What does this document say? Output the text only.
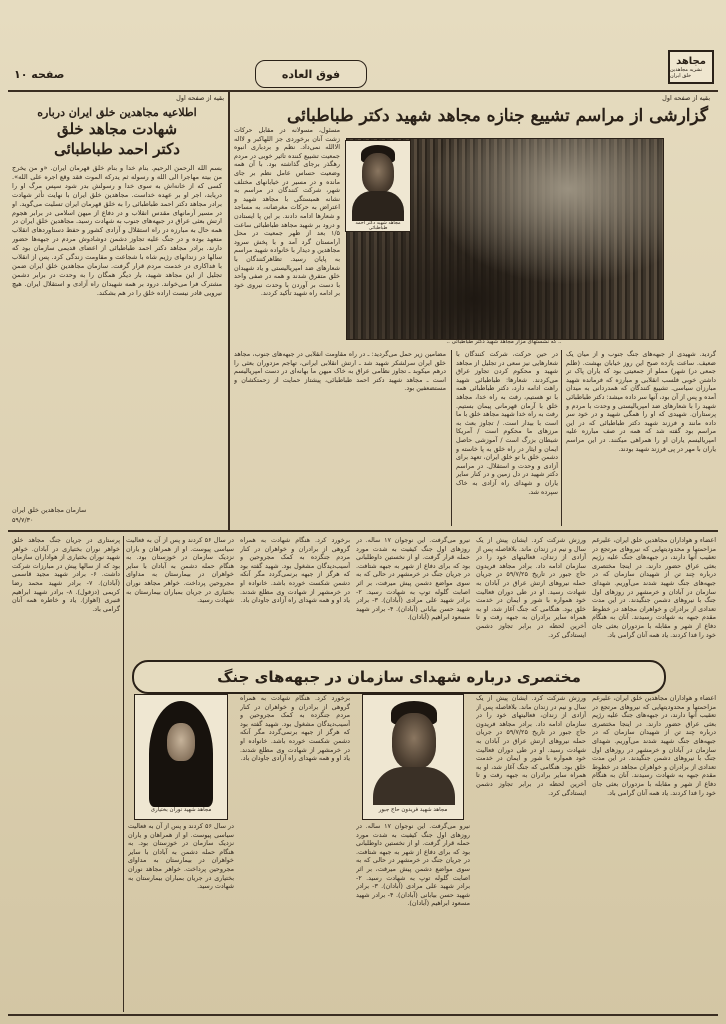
مجاهد
نشریه مجاهدین خلق ایران
فوق العاده
صفحه ۱۰
بقیه از صفحه اول
گزارشی از مراسم تشییع جنازه مجاهد شهید دکتر طباطبائی
.. که نشستهای مزار مجاهد شهید دکتر طباطبائی ..
مجاهد شهید دکتر احمد طباطبائی
گردید. شهیدی از جبهه‌های جنگ جنوب و از میان یک ضعیف. ساعت یازده صبح این روز خیابان بهشت. (ظلم جمعی در) شهر) مملو از جمعیتی بود که یاران پاک تر داشتن خوبی فلسب انقلابی و مبارزه که فرمانده شهید مبارزان سیاسی. تشییع کنندگان که همدردانی به میدان آمده و پس از آن بود، آنها سر داده میشد: دکتر طباطبائی شهید را با شعارهای ضد امپریالیستی و وحدت با مردم و پرستاران. شهیدی که او را همگی شهید و در خود سر داده مانند و فرزند شهید دکتر طباطبائی که در این مراسم بود گفته شد که همه در صف مبارزه علیه امپریالیسم یاران او را همراهی میکنند. در این مراسم یاران با مهر در پی فرزند شهید بودند.
در حین حرکت، شرکت کنندگان با شعارهایی نیز سعی در تجلیل از مجاهد شهید و محکوم کردن تجاوز عراق می‌کردند. شعارها: طباطبائی شهید راهت ادامه دارد، دکتر طباطبائی همه با تو هستیم، رفت به راه خدا، مجاهد خلق با آرمان قهرمانی پیمان بستیم. رفت به راه خدا شهید مجاهد خلق با ما است با بیدار است. / تجاوز بعث به مرزهای ما محکوم است / آمریکا شیطان بزرگ است / آموزشی حاصل ایمان و ایثار در راه خلق به پا خاسته و دشمن خلق با تو خلق ایران، تعهد برای آزادی و وحدت و استقلال. در مراسم دکتر شهید در دل زمین و در کنار سایر یاران و شهدای راه آزادی به خاک سپرده شد.
مسئول، مسولانه در مقابل حرکات زشت آنان برخوردی جز اللهاکبر و لااله الاالله نمی‌داد. نظم و بردباری انبوه جمعیت تشییع کننده تاثیر خوبی در مردم رهگذر برجای گذاشته بود. با آن همه وضعیت حساس عامل نظم بر جای مانده و در مسیر در خیابانهای مختلف شهر، شرکت کنندگان در مراسم به نشانه همبستگی با مجاهد شهید و اعتراض به حرکات مغرضانه، به مساجد و شعارها ادامه دادند. بر این پا ایستادن و درود بر شهید مجاهد طباطبائی ساعت ۱/۵ بعد از ظهر جمعیت در محل آرامستان گرد آمد و با پخش سرود مجاهدین و دیدار با خانواده شهید مراسم به پایان رسید. تظاهرکنندگان با شعارهای ضد امپریالیستی و یاد شهیدان خلق متفرق شدند و همه در صفی واحد با دست بر آوردن با وحدت نیروی خود بر ادامه راه شهید تأکید کردند.
مضامین زیر حمل می‌گردید: ـ در راه مقاومت انقلابی در جبهه‌های جنوب، مجاهد خلق ایران سرلشکر شهید شد ـ ارتش انقلابی ایرانی، تهاجم مزدوران بعثی را درهم میکوبد ـ تجاوز نظامی عراق به خاک میهن ما بهانه‌ای در دست امپریالیسم است ـ مجاهد شهید دکتر احمد طباطبائی، پیشتاز حمایت از زحمتکشان و مستضعفین بود.
بقیه از صفحه اول
اطلاعیه مجاهدین خلق ایران درباره
شهادت مجاهد خلق
دکتر احمد طباطبائی
بسم الله الرحمن الرحیم. بنام خدا و بنام خلق قهرمان ایران. «و من یخرج من بیته مهاجرا الی الله و رسوله ثم یدرکه الموت فقد وقع اجره علی الله». کسی که از خانه‌اش به سوی خدا و رسولش بدر شود سپس مرگ او را دریابد، اجر او بر عهده خداست. مجاهدین خلق ایران با نهایت تأثر شهادت برادر مجاهد دکتر احمد طباطبائی را به خلق قهرمان ایران تسلیت می‌گوید. او در مسیر آرمانهای مقدس انقلاب و در دفاع از میهن اسلامی در برابر هجوم ارتش بعثی عراق در جبهه‌های جنوب به شهادت رسید. مجاهدین خلق ایران در همه حال به مبارزه در راه استقلال و آزادی کشور و حفظ دستاوردهای انقلاب متعهد بوده و در جنگ علیه تجاوز دشمن دوشادوش مردم در جبهه‌ها حضور دارند. برادر مجاهد دکتر احمد طباطبائی از اعضای قدیمی سازمان بود که سالها در زندانهای رژیم شاه با شجاعت و مقاومت زندگی کرد. پس از انقلاب با فداکاری در خدمت مردم قرار گرفت. سازمان مجاهدین خلق ایران ضمن تجلیل از این مجاهد شهید، بار دیگر همگان را به وحدت در برابر دشمن مشترک فرا می‌خواند. درود بر همه شهیدان راه آزادی و استقلال ایران. هیچ نیرویی قادر نیست اراده خلق را در هم بشکند.
سازمان مجاهدین خلق ایران
۵۹/۷/۳۰
اعضاء و هواداران مجاهدین خلق ایران، علیرغم مزاحمتها و محدودیتهایی که نیروهای مرتجع در تعقیب آنها دارند، در جبهه‌های جنگ علیه رژیم بعثی عراق حضور دارند. در اینجا مختصری درباره چند تن از شهیدان سازمان که در جبهه‌های جنگ شهید شدند می‌آوریم. شهدای سازمان در آبادان و خرمشهر در روزهای اول جنگ با نیروهای دشمن جنگیدند. در این مدت تعدادی از برادران و خواهران مجاهد در خطوط مقدم جبهه به شهادت رسیدند. آنان به هنگام دفاع از شهر و مقابله با مزدوران بعثی جان خود را فدا کردند. یاد همه آنان گرامی باد.
ورزش شرکت کرد. ایشان پیش از یک سال و نیم در زندان ماند. بلافاصله پس از آزادی از زندان، فعالیتهای خود را در سازمان ادامه داد. برادر مجاهد فریدون حاج جبور در تاریخ ۵۹/۷/۲۵ در جریان حمله نیروهای ارتش عراق در آبادان به شهادت رسید. او در طی دوران فعالیت خود همواره با شور و ایمان در خدمت خلق بود. هنگامی که جنگ آغاز شد، او به همراه سایر برادران به جبهه رفت و تا آخرین لحظه در برابر تجاوز دشمن ایستادگی کرد.
نیرو می‌گرفت. این نوجوان ۱۷ ساله. در روزهای اول جنگ کیفیت به شدت مورد حمله قرار گرفت. او از نخستین داوطلبانی بود که برای دفاع از شهر به جبهه شتافت. در جریان جنگ در خرمشهر در حالی که به سوی مواضع دشمن پیش میرفت، بر اثر اصابت گلوله توپ به شهادت رسید. ۲- برادر شهید علی مرادی (آبادان). ۳- برادر شهید حسن بیابانی (آبادان). ۴- برادر شهید مسعود ابراهیم (آبادان).
برخورد کرد. هنگام شهادت به همراه گروهی از برادران و خواهران در کنار مردم جنگزده به کمک مجروحین و آسیب‌دیدگان مشغول بود. شهید گفته بود که هرگز از جبهه برنمی‌گردد مگر آنکه دشمن شکست خورده باشد. خانواده او در خرمشهر از شهادت وی مطلع شدند. یاد او و همه شهدای راه آزادی جاودان باد.
در سال ۵۶ کردند و پس از آن به فعالیت سیاسی پیوست. او از همراهان و یاران نزدیک سازمان در خوزستان بود. به هنگام حمله دشمن به آبادان با سایر خواهران در بیمارستان به مداوای مجروحین پرداخت. خواهر مجاهد نوران بختیاری در جریان بمباران بیمارستان به شهادت رسید.
پرستاری در جریان جنگ مجاهد خلق خواهر نوران بختیاری در آبادان. خواهر شهید نوران بختیاری از هواداران سازمان بود که از سالها پیش در مبارزات شرکت داشت. ۶- برادر شهید مجید قاسمی (آبادان). ۷- برادر شهید محمد رضا کریمی (دزفول). ۸- برادر شهید ابراهیم قنبری (اهواز). یاد و خاطره همه آنان گرامی باد.
مختصری درباره شهدای سازمان در جبهه‌های جنگ
مجاهد شهید فریدون حاج جبور
مجاهد شهید نوران بختیاری
اعضاء و هواداران مجاهدین خلق ایران، علیرغم مزاحمتها و محدودیتهایی که نیروهای مرتجع در تعقیب آنها دارند، در جبهه‌های جنگ علیه رژیم بعثی عراق حضور دارند. در اینجا مختصری درباره چند تن از شهیدان سازمان که در جبهه‌های جنگ شهید شدند می‌آوریم. شهدای سازمان در آبادان و خرمشهر در روزهای اول جنگ با نیروهای دشمن جنگیدند. در این مدت تعدادی از برادران و خواهران مجاهد در خطوط مقدم جبهه به شهادت رسیدند. آنان به هنگام دفاع از شهر و مقابله با مزدوران بعثی جان خود را فدا کردند. یاد همه آنان گرامی باد.
ورزش شرکت کرد. ایشان پیش از یک سال و نیم در زندان ماند. بلافاصله پس از آزادی از زندان، فعالیتهای خود را در سازمان ادامه داد. برادر مجاهد فریدون حاج جبور در تاریخ ۵۹/۷/۲۵ در جریان حمله نیروهای ارتش عراق در آبادان به شهادت رسید. او در طی دوران فعالیت خود همواره با شور و ایمان در خدمت خلق بود. هنگامی که جنگ آغاز شد، او به همراه سایر برادران به جبهه رفت و تا آخرین لحظه در برابر تجاوز دشمن ایستادگی کرد.
نیرو می‌گرفت. این نوجوان ۱۷ ساله. در روزهای اول جنگ کیفیت به شدت مورد حمله قرار گرفت. او از نخستین داوطلبانی بود که برای دفاع از شهر به جبهه شتافت. در جریان جنگ در خرمشهر در حالی که به سوی مواضع دشمن پیش میرفت، بر اثر اصابت گلوله توپ به شهادت رسید. ۲- برادر شهید علی مرادی (آبادان). ۳- برادر شهید حسن بیابانی (آبادان). ۴- برادر شهید مسعود ابراهیم (آبادان).
برخورد کرد. هنگام شهادت به همراه گروهی از برادران و خواهران در کنار مردم جنگزده به کمک مجروحین و آسیب‌دیدگان مشغول بود. شهید گفته بود که هرگز از جبهه برنمی‌گردد مگر آنکه دشمن شکست خورده باشد. خانواده او در خرمشهر از شهادت وی مطلع شدند. یاد او و همه شهدای راه آزادی جاودان باد.
در سال ۵۶ کردند و پس از آن به فعالیت سیاسی پیوست. او از همراهان و یاران نزدیک سازمان در خوزستان بود. به هنگام حمله دشمن به آبادان با سایر خواهران در بیمارستان به مداوای مجروحین پرداخت. خواهر مجاهد نوران بختیاری در جریان بمباران بیمارستان به شهادت رسید.
